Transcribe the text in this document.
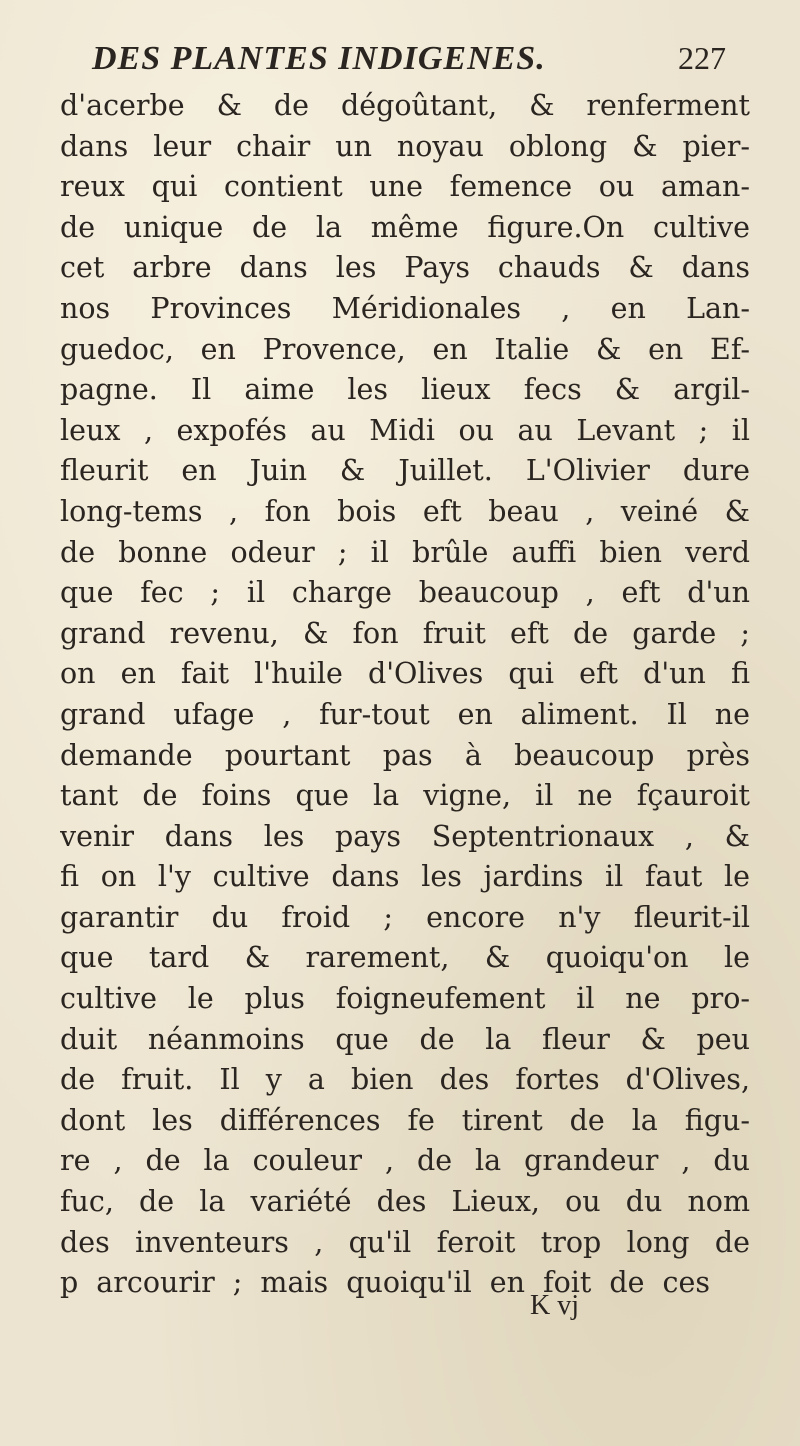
DES PLANTES INDIGENES.	227
d'acerbe & de dégoûtant, & renferment
dans leur chair un noyau oblong & pier-
reux qui contient une femence ou aman-
de unique de la même figure.On cultive
cet arbre dans les Pays chauds & dans
nos Provinces Méridionales , en Lan-
guedoc, en Provence, en Italie & en Ef-
pagne. Il aime les lieux fecs & argil-
leux , expofés au Midi ou au Levant ; il
fleurit en Juin & Juillet. L'Olivier dure
long-tems , fon bois eft beau , veiné &
de bonne odeur ; il brûle auffi bien verd
que fec ; il charge beaucoup , eft d'un
grand revenu, & fon fruit eft de garde ;
on en fait l'huile d'Olives qui eft d'un fi
grand ufage , fur-tout en aliment. Il ne
demande pourtant pas à beaucoup près
tant de foins que la vigne, il ne fçauroit
venir dans les pays Septentrionaux , &
fi on l'y cultive dans les jardins il faut le
garantir du froid ; encore n'y fleurit-il
que tard & rarement, & quoiqu'on le
cultive le plus foigneufement il ne pro-
duit néanmoins que de la fleur & peu
de fruit. Il y a bien des fortes d'Olives,
dont les différences fe tirent de la figu-
re , de la couleur , de la grandeur , du
fuc, de la variété des Lieux, ou du nom
des inventeurs , qu'il feroit trop long de
p arcourir ; mais quoiqu'il en foit de ces
K vj
